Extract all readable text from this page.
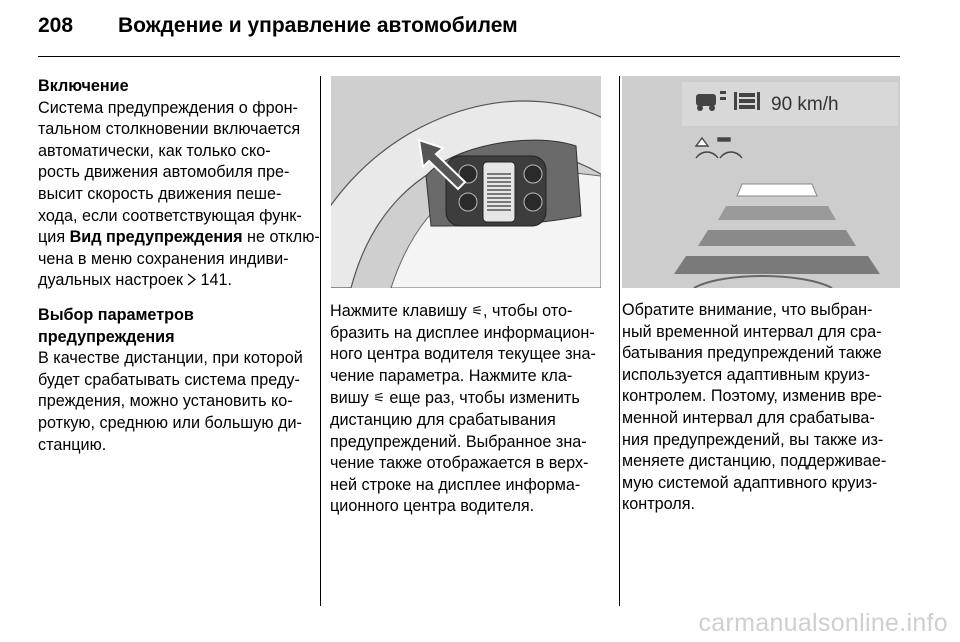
208 Вождение и управление автомобилем

Включение

Система предупреждения о фрон-

тальном столкновении включается

автоматически, как только ско-

рость движения автомобиля пре-

высит скорость движения пеше-

хода, если соответствующая функ-

ция Вид предупреждения не отклю-

чена в меню сохранения индиви-

дуальных настроек 141.

Выбор параметров

предупреждения

В качестве дистанции, при которой

будет срабатывать система преду-

преждения, можно установить ко-

роткую, среднюю или большую ди-

станцию.

90 km/h

Нажмите клавишу ⚟, чтобы ото-

бразить на дисплее информацион-

ного центра водителя текущее зна-

чение параметра. Нажмите кла-

вишу ⚟ еще раз, чтобы изменить

дистанцию для срабатывания

предупреждений. Выбранное зна-

чение также отображается в верх-

ней строке на дисплее информа-

ционного центра водителя.

Обратите внимание, что выбран-

ный временной интервал для сра-

батывания предупреждений также

используется адаптивным круиз-

контролем. Поэтому, изменив вре-

менной интервал для срабатыва-

ния предупреждений, вы также из-

меняете дистанцию, поддерживае-

мую системой адаптивного круиз-

контроля.

carmanualsonline.info
